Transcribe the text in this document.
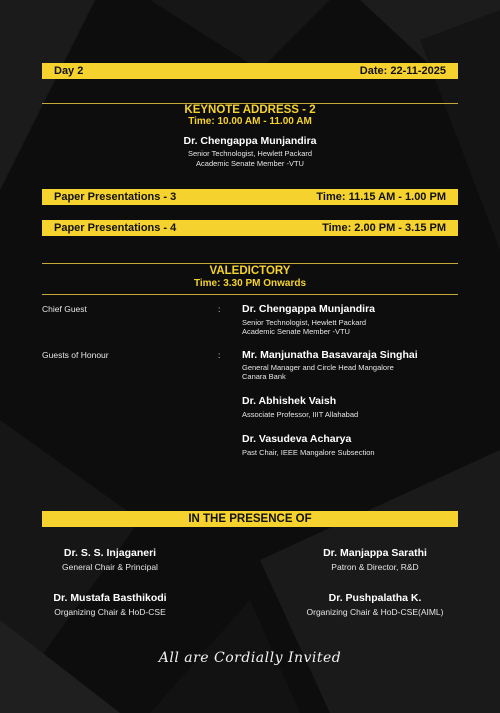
Day 2	Date: 22-11-2025
KEYNOTE ADDRESS - 2
Time: 10.00 AM - 11.00 AM
Dr. Chengappa Munjandira
Senior Technologist, Hewlett Packard
Academic Senate Member -VTU
Paper Presentations - 3	Time: 11.15 AM - 1.00 PM
Paper Presentations - 4	Time: 2.00 PM - 3.15 PM
VALEDICTORY
Time: 3.30 PM Onwards
Chief Guest	: Dr. Chengappa Munjandira
Senior Technologist, Hewlett Packard
Academic Senate Member -VTU
Guests of Honour	: Mr. Manjunatha Basavaraja Singhai
General Manager and Circle Head Mangalore
Canara Bank
Dr. Abhishek Vaish
Associate Professor, IIIT Allahabad
Dr. Vasudeva Acharya
Past Chair, IEEE Mangalore Subsection
IN THE PRESENCE OF
Dr. S. S. Injaganeri
General Chair & Principal
Dr. Manjappa Sarathi
Patron & Director, R&D
Dr. Mustafa Basthikodi
Organizing Chair & HoD-CSE
Dr. Pushpalatha K.
Organizing Chair & HoD-CSE(AIML)
All are Cordially Invited
